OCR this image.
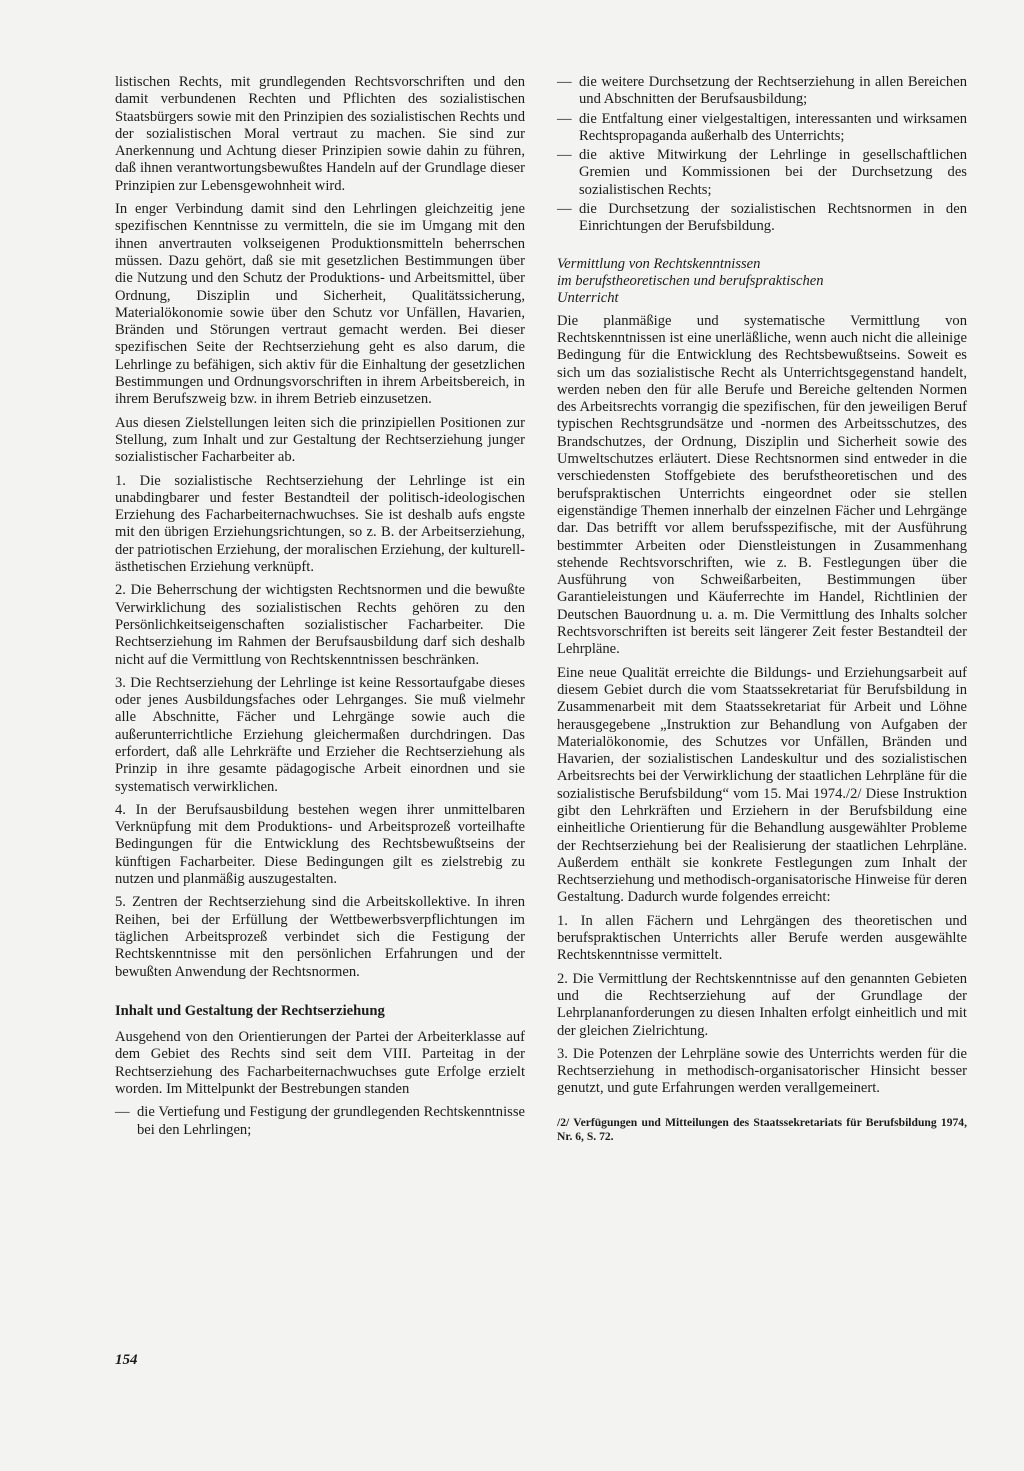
listischen Rechts, mit grundlegenden Rechtsvorschriften und den damit verbundenen Rechten und Pflichten des sozialistischen Staatsbürgers sowie mit den Prinzipien des sozialistischen Rechts und der sozialistischen Moral vertraut zu machen. Sie sind zur Anerkennung und Achtung dieser Prinzipien sowie dahin zu führen, daß ihnen verantwortungsbewußtes Handeln auf der Grundlage dieser Prinzipien zur Lebensgewohnheit wird.

In enger Verbindung damit sind den Lehrlingen gleichzeitig jene spezifischen Kenntnisse zu vermitteln, die sie im Umgang mit den ihnen anvertrauten volkseigenen Produktionsmitteln beherrschen müssen. Dazu gehört, daß sie mit gesetzlichen Bestimmungen über die Nutzung und den Schutz der Produktions- und Arbeitsmittel, über Ordnung, Disziplin und Sicherheit, Qualitätssicherung, Materialökonomie sowie über den Schutz vor Unfällen, Havarien, Bränden und Störungen vertraut gemacht werden. Bei dieser spezifischen Seite der Rechtserziehung geht es also darum, die Lehrlinge zu befähigen, sich aktiv für die Einhaltung der gesetzlichen Bestimmungen und Ordnungsvorschriften in ihrem Arbeitsbereich, in ihrem Berufszweig bzw. in ihrem Betrieb einzusetzen.

Aus diesen Zielstellungen leiten sich die prinzipiellen Positionen zur Stellung, zum Inhalt und zur Gestaltung der Rechtserziehung junger sozialistischer Facharbeiter ab.

1. Die sozialistische Rechtserziehung der Lehrlinge ist ein unabdingbarer und fester Bestandteil der politisch-ideologischen Erziehung des Facharbeiternachwuchses. Sie ist deshalb aufs engste mit den übrigen Erziehungsrichtungen, so z. B. der Arbeitserziehung, der patriotischen Erziehung, der moralischen Erziehung, der kulturell-ästhetischen Erziehung verknüpft.

2. Die Beherrschung der wichtigsten Rechtsnormen und die bewußte Verwirklichung des sozialistischen Rechts gehören zu den Persönlichkeitseigenschaften sozialistischer Facharbeiter. Die Rechtserziehung im Rahmen der Berufsausbildung darf sich deshalb nicht auf die Vermittlung von Rechtskenntnissen beschränken.

3. Die Rechtserziehung der Lehrlinge ist keine Ressortaufgabe dieses oder jenes Ausbildungsfaches oder Lehrganges. Sie muß vielmehr alle Abschnitte, Fächer und Lehrgänge sowie auch die außerunterrichtliche Erziehung gleichermaßen durchdringen. Das erfordert, daß alle Lehrkräfte und Erzieher die Rechtserziehung als Prinzip in ihre gesamte pädagogische Arbeit einordnen und sie systematisch verwirklichen.

4. In der Berufsausbildung bestehen wegen ihrer unmittelbaren Verknüpfung mit dem Produktions- und Arbeitsprozeß vorteilhafte Bedingungen für die Entwicklung des Rechtsbewußtseins der künftigen Facharbeiter. Diese Bedingungen gilt es zielstrebig zu nutzen und planmäßig auszugestalten.

5. Zentren der Rechtserziehung sind die Arbeitskollektive. In ihren Reihen, bei der Erfüllung der Wettbewerbsverpflichtungen im täglichen Arbeitsprozeß verbindet sich die Festigung der Rechtskenntnisse mit den persönlichen Erfahrungen und der bewußten Anwendung der Rechtsnormen.

Inhalt und Gestaltung der Rechtserziehung

Ausgehend von den Orientierungen der Partei der Arbeiterklasse auf dem Gebiet des Rechts sind seit dem VIII. Parteitag in der Rechtserziehung des Facharbeiternachwuchses gute Erfolge erzielt worden. Im Mittelpunkt der Bestrebungen standen

— die Vertiefung und Festigung der grundlegenden Rechtskenntnisse bei den Lehrlingen;
— die weitere Durchsetzung der Rechtserziehung in allen Bereichen und Abschnitten der Berufsausbildung;
— die Entfaltung einer vielgestaltigen, interessanten und wirksamen Rechtspropaganda außerhalb des Unterrichts;
— die aktive Mitwirkung der Lehrlinge in gesellschaftlichen Gremien und Kommissionen bei der Durchsetzung des sozialistischen Rechts;
— die Durchsetzung der sozialistischen Rechtsnormen in den Einrichtungen der Berufsbildung.
Vermittlung von Rechtskenntnissen
im berufstheoretischen und berufspraktischen
Unterricht

Die planmäßige und systematische Vermittlung von Rechtskenntnissen ist eine unerläßliche, wenn auch nicht die alleinige Bedingung für die Entwicklung des Rechtsbewußtseins. Soweit es sich um das sozialistische Recht als Unterrichtsgegenstand handelt, werden neben den für alle Berufe und Bereiche geltenden Normen des Arbeitsrechts vorrangig die spezifischen, für den jeweiligen Beruf typischen Rechtsgrundsätze und -normen des Arbeitsschutzes, des Brandschutzes, der Ordnung, Disziplin und Sicherheit sowie des Umweltschutzes erläutert. Diese Rechtsnormen sind entweder in die verschiedensten Stoffgebiete des berufstheoretischen und des berufspraktischen Unterrichts eingeordnet oder sie stellen eigenständige Themen innerhalb der einzelnen Fächer und Lehrgänge dar. Das betrifft vor allem berufsspezifische, mit der Ausführung bestimmter Arbeiten oder Dienstleistungen in Zusammenhang stehende Rechtsvorschriften, wie z. B. Festlegungen über die Ausführung von Schweißarbeiten, Bestimmungen über Garantieleistungen und Käuferrechte im Handel, Richtlinien der Deutschen Bauordnung u. a. m. Die Vermittlung des Inhalts solcher Rechtsvorschriften ist bereits seit längerer Zeit fester Bestandteil der Lehrpläne.

Eine neue Qualität erreichte die Bildungs- und Erziehungsarbeit auf diesem Gebiet durch die vom Staatssekretariat für Berufsbildung in Zusammenarbeit mit dem Staatssekretariat für Arbeit und Löhne herausgegebene „Instruktion zur Behandlung von Aufgaben der Materialökonomie, des Schutzes vor Unfällen, Bränden und Havarien, der sozialistischen Landeskultur und des sozialistischen Arbeitsrechts bei der Verwirklichung der staatlichen Lehrpläne für die sozialistische Berufsbildung“ vom 15. Mai 1974./2/ Diese Instruktion gibt den Lehrkräften und Erziehern in der Berufsbildung eine einheitliche Orientierung für die Behandlung ausgewählter Probleme der Rechtserziehung bei der Realisierung der staatlichen Lehrpläne. Außerdem enthält sie konkrete Festlegungen zum Inhalt der Rechtserziehung und methodisch-organisatorische Hinweise für deren Gestaltung. Dadurch wurde folgendes erreicht:

1. In allen Fächern und Lehrgängen des theoretischen und berufspraktischen Unterrichts aller Berufe werden ausgewählte Rechtskenntnisse vermittelt.

2. Die Vermittlung der Rechtskenntnisse auf den genannten Gebieten und die Rechtserziehung auf der Grundlage der Lehrplananforderungen zu diesen Inhalten erfolgt einheitlich und mit der gleichen Zielrichtung.

3. Die Potenzen der Lehrpläne sowie des Unterrichts werden für die Rechtserziehung in methodisch-organisatorischer Hinsicht besser genutzt, und gute Erfahrungen werden verallgemeinert.

/2/ Verfügungen und Mitteilungen des Staatssekretariats für Berufsbildung 1974, Nr. 6, S. 72.
154
